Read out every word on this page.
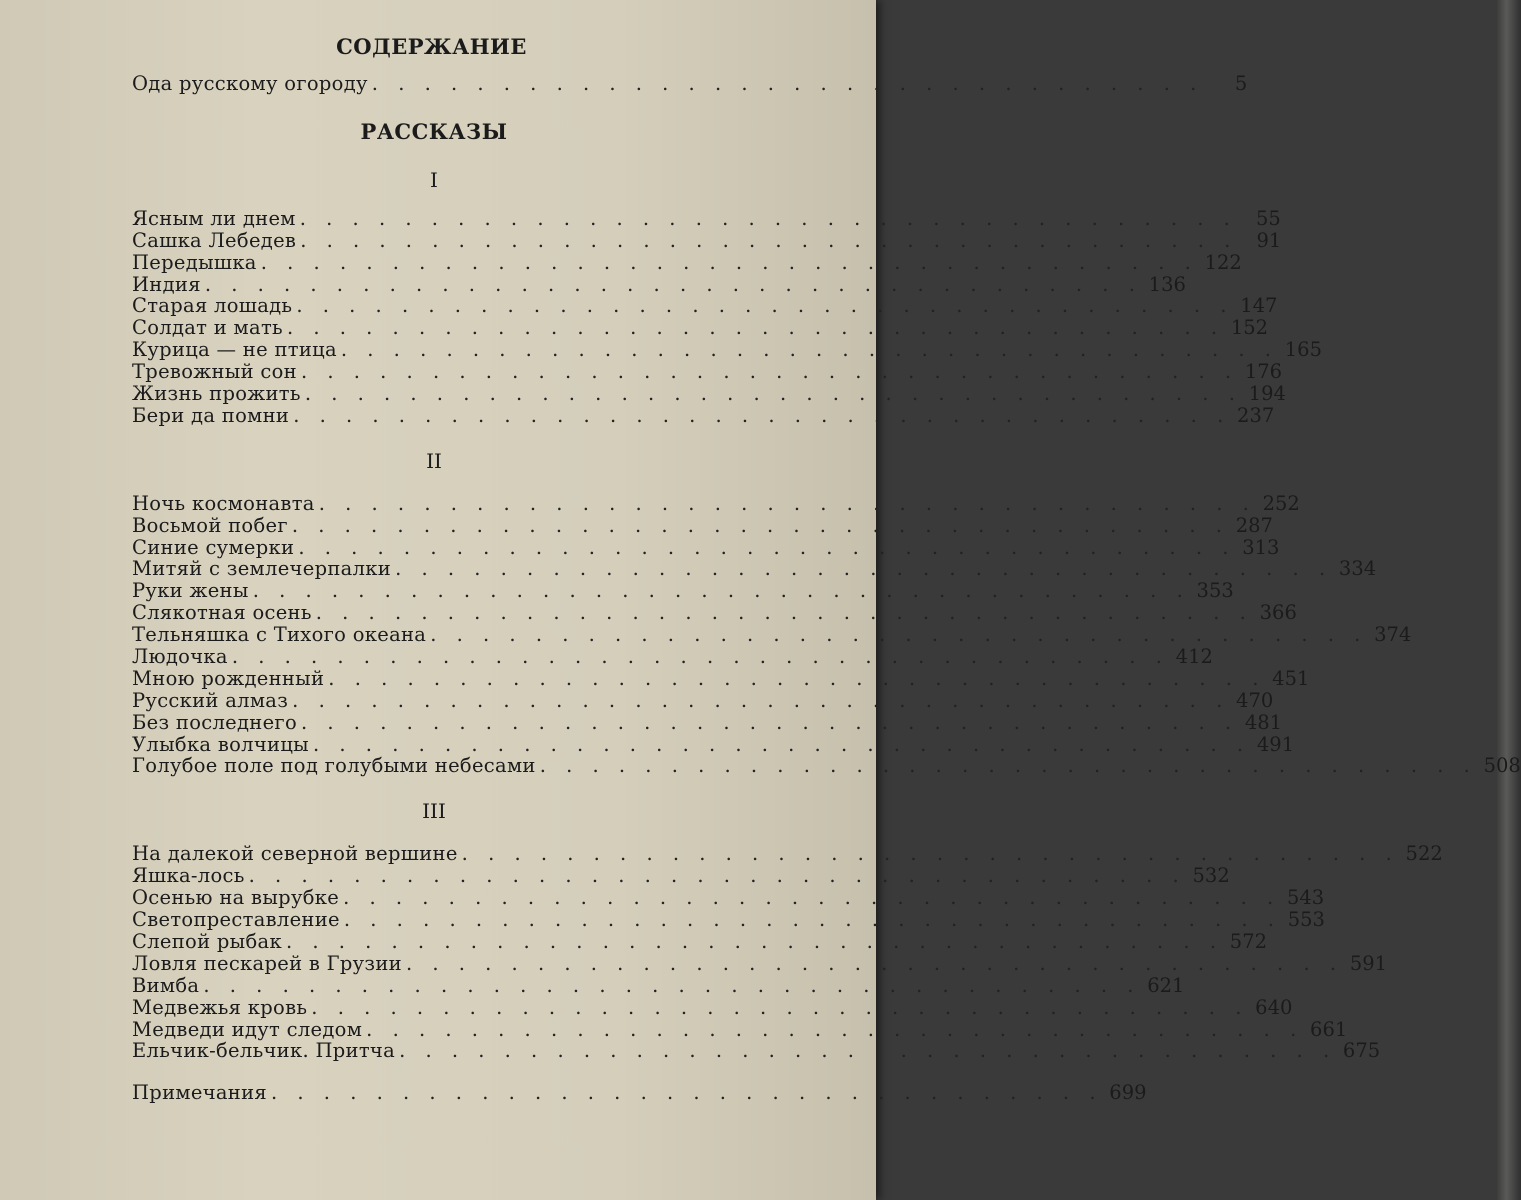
СОДЕРЖАНИЕ
Ода русскому огороду . . . . . . . . . . . . . . . . . . . . . . . . . . . . . . . .	5
РАССКАЗЫ
I
Ясным ли днем . . . . . . . . . . . . . . . . . . . . . . . . . . . . . . . . . . . . 55
Сашка Лебедев . . . . . . . . . . . . . . . . . . . . . . . . . . . . . . . . . . . . 91
Передышка . . . . . . . . . . . . . . . . . . . . . . . . . . . . . . . . . . . . 122
Индия . . . . . . . . . . . . . . . . . . . . . . . . . . . . . . . . . . . . 136
Старая лошадь . . . . . . . . . . . . . . . . . . . . . . . . . . . . . . . . . . . . 147
Солдат и мать . . . . . . . . . . . . . . . . . . . . . . . . . . . . . . . . . . . . 152
Курица — не птица . . . . . . . . . . . . . . . . . . . . . . . . . . . . . . . . . . . . 165
Тревожный сон . . . . . . . . . . . . . . . . . . . . . . . . . . . . . . . . . . . . 176
Жизнь прожить . . . . . . . . . . . . . . . . . . . . . . . . . . . . . . . . . . . . 194
Бери да помни . . . . . . . . . . . . . . . . . . . . . . . . . . . . . . . . . . . . 237
II
Ночь космонавта . . . . . . . . . . . . . . . . . . . . . . . . . . . . . . . . . . . . 252
Восьмой побег . . . . . . . . . . . . . . . . . . . . . . . . . . . . . . . . . . . . 287
Синие сумерки . . . . . . . . . . . . . . . . . . . . . . . . . . . . . . . . . . . . 313
Митяй с землечерпалки . . . . . . . . . . . . . . . . . . . . . . . . . . . . . . . . . . . . 334
Руки жены . . . . . . . . . . . . . . . . . . . . . . . . . . . . . . . . . . . . 353
Слякотная осень . . . . . . . . . . . . . . . . . . . . . . . . . . . . . . . . . . . . 366
Тельняшка с Тихого океана . . . . . . . . . . . . . . . . . . . . . . . . . . . . . . . . . . . . 374
Людочка . . . . . . . . . . . . . . . . . . . . . . . . . . . . . . . . . . . . 412
Мною рожденный . . . . . . . . . . . . . . . . . . . . . . . . . . . . . . . . . . . . 451
Русский алмаз . . . . . . . . . . . . . . . . . . . . . . . . . . . . . . . . . . . . 470
Без последнего . . . . . . . . . . . . . . . . . . . . . . . . . . . . . . . . . . . . 481
Улыбка волчицы . . . . . . . . . . . . . . . . . . . . . . . . . . . . . . . . . . . . 491
Голубое поле под голубыми небесами . . . . . . . . . . . . . . . . . . . . . . . . . . . . . . . . . . . . 508
III
На далекой северной вершине . . . . . . . . . . . . . . . . . . . . . . . . . . . . . . . . . . . . 522
Яшка-лось . . . . . . . . . . . . . . . . . . . . . . . . . . . . . . . . . . . . 532
Осенью на вырубке . . . . . . . . . . . . . . . . . . . . . . . . . . . . . . . . . . . . 543
Светопреставление . . . . . . . . . . . . . . . . . . . . . . . . . . . . . . . . . . . . 553
Слепой рыбак . . . . . . . . . . . . . . . . . . . . . . . . . . . . . . . . . . . . 572
Ловля пескарей в Грузии . . . . . . . . . . . . . . . . . . . . . . . . . . . . . . . . . . . . 591
Вимба . . . . . . . . . . . . . . . . . . . . . . . . . . . . . . . . . . . . 621
Медвежья кровь . . . . . . . . . . . . . . . . . . . . . . . . . . . . . . . . . . . . 640
Медведи идут следом . . . . . . . . . . . . . . . . . . . . . . . . . . . . . . . . . . . . 661
Ельчик-бельчик. Притча . . . . . . . . . . . . . . . . . . . . . . . . . . . . . . . . . . . . 675
Примечания . . . . . . . . . . . . . . . . . . . . . . . . . . . . . . . . 699
